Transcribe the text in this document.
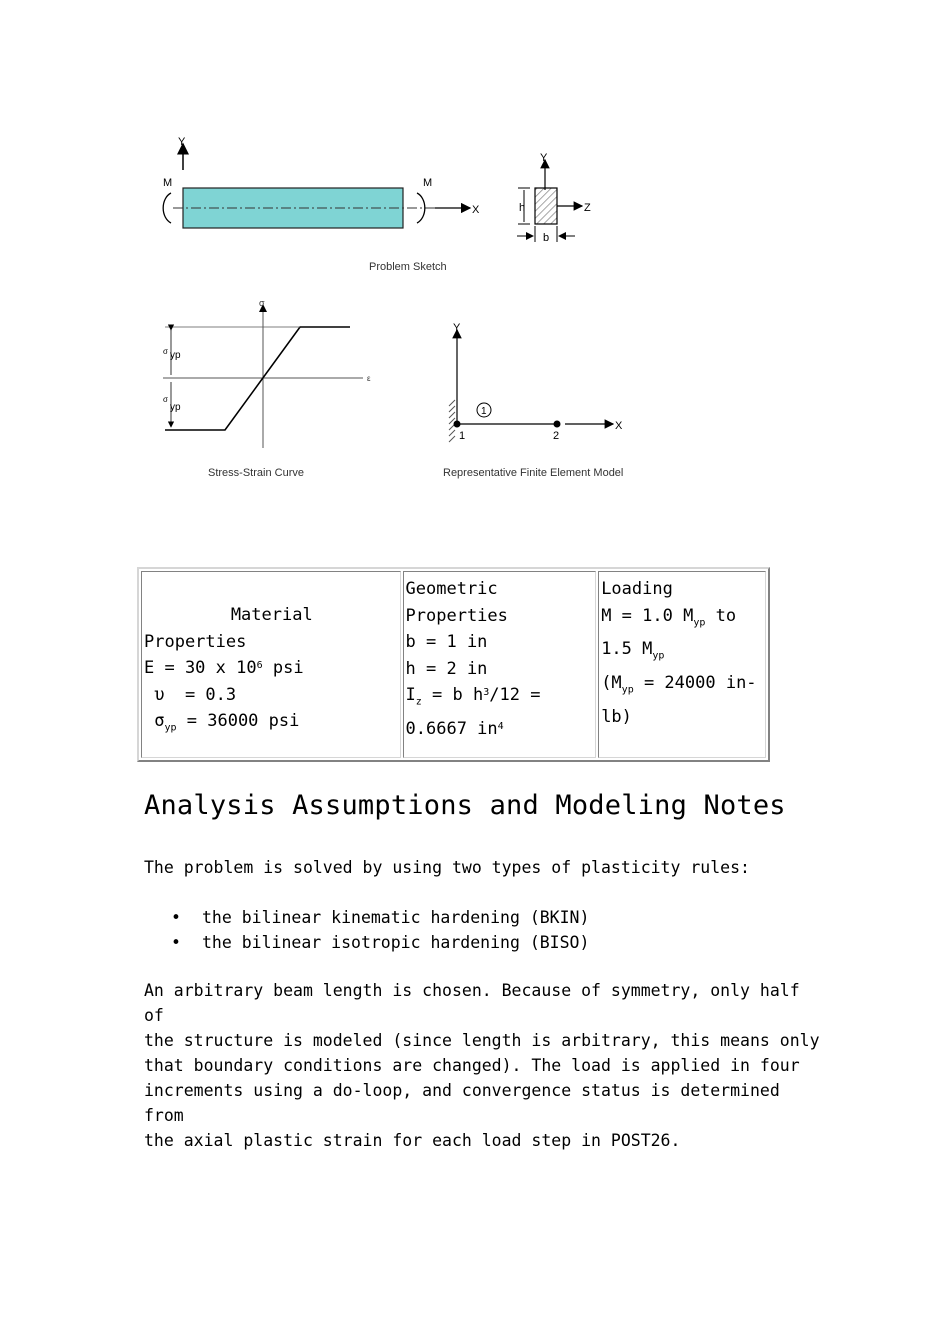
Y
X
M	M
Y
Z
h
b
Problem Sketch
σ
ε
σ yp
σ
yp
Stress-Strain Curve
Y
X
1
1	2
Representative Finite Element Model
Material
Properties
E = 30 x $10^6$ psi
υ  = 0.3
$\sigma_{yp} = 36000$ psi

Geometric Properties
b = 1 in
h = 2 in
$I_z = b$ $h^3/12$ =
0.6667 $in^4$

Loading
M = 1.0 $M_{yp}$ to
1.5 $M_{yp}$
($M_{yp} = 24000$ in-
lb)
Analysis Assumptions and Modeling Notes

The problem is solved by using two types of plasticity rules:

• the bilinear kinematic hardening (BKIN)
• the bilinear isotropic hardening (BISO)

An arbitrary beam length is chosen. Because of symmetry, only half of
the structure is modeled (since length is arbitrary, this means only
that boundary conditions are changed). The load is applied in four
increments using a do-loop, and convergence status is determined from
the axial plastic strain for each load step in POST26.
